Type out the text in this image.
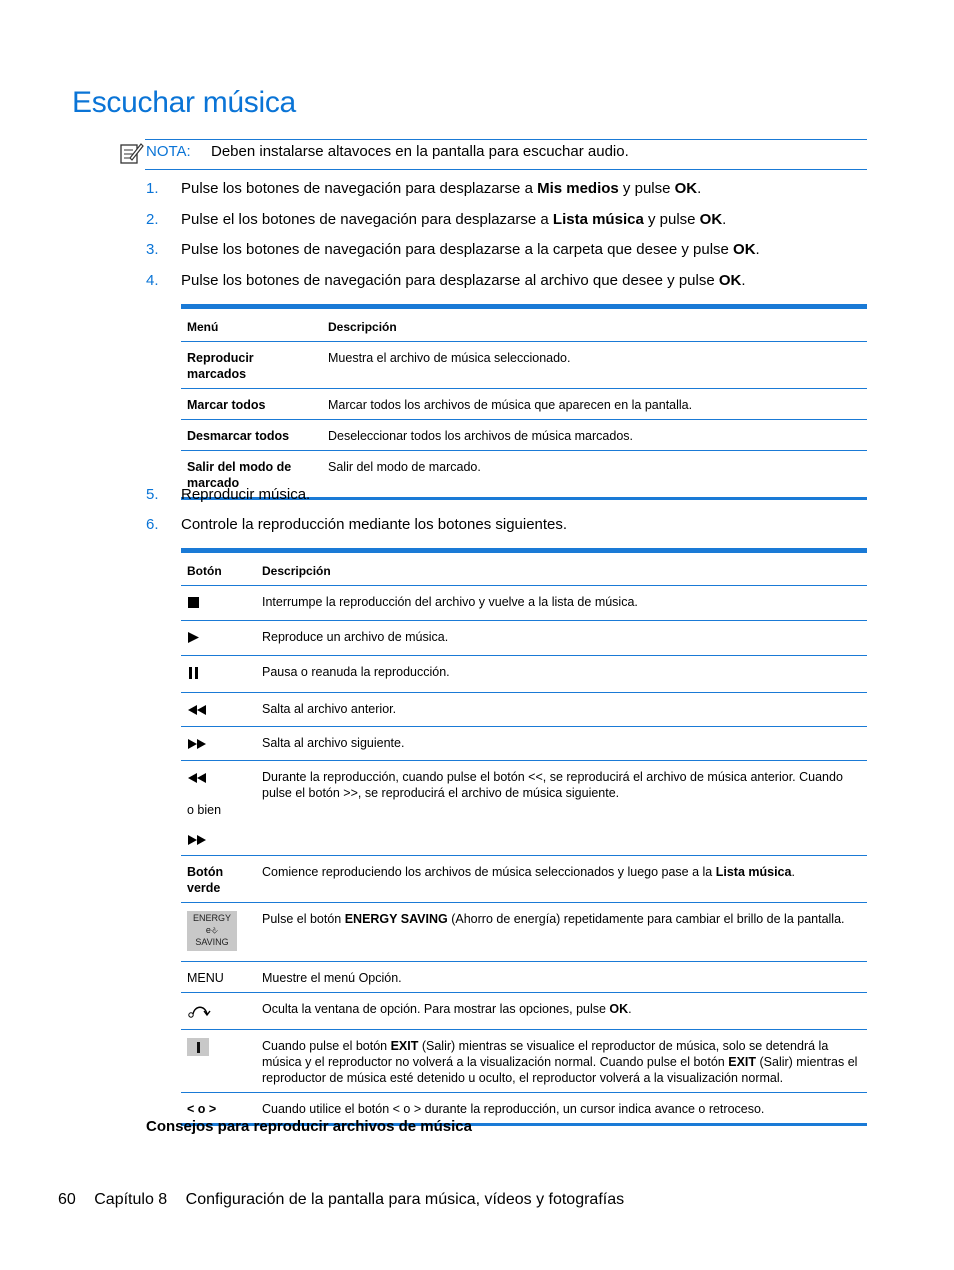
Escuchar música
NOTA: Deben instalarse altavoces en la pantalla para escuchar audio.
1. Pulse los botones de navegación para desplazarse a Mis medios y pulse OK.
2. Pulse el los botones de navegación para desplazarse a Lista música y pulse OK.
3. Pulse los botones de navegación para desplazarse a la carpeta que desee y pulse OK.
4. Pulse los botones de navegación para desplazarse al archivo que desee y pulse OK.
Menú	Descripción
Reproducir marcados	Muestra el archivo de música seleccionado.
Marcar todos	Marcar todos los archivos de música que aparecen en la pantalla.
Desmarcar todos	Deseleccionar todos los archivos de música marcados.
Salir del modo de marcado	Salir del modo de marcado.
5. Reproducir música.
6. Controle la reproducción mediante los botones siguientes.
Botón	Descripción
	Interrumpe la reproducción del archivo y vuelve a la lista de música.
	Reproduce un archivo de música.
	Pausa o reanuda la reproducción.
	Salta al archivo anterior.
	Salta al archivo siguiente.

o bien	Durante la reproducción, cuando pulse el botón <<, se reproducirá el archivo de música anterior. Cuando pulse el botón >>, se reproducirá el archivo de música siguiente.
Botón verde	Comience reproduciendo los archivos de música seleccionados y luego pase a la Lista música.

ENERGY
e⎀
SAVING	Pulse el botón ENERGY SAVING (Ahorro de energía) repetidamente para cambiar el brillo de la pantalla.
MENU	Muestre el menú Opción.
	Oculta la ventana de opción. Para mostrar las opciones, pulse OK.
	Cuando pulse el botón EXIT (Salir) mientras se visualice el reproductor de música, solo se detendrá la música y el reproductor no volverá a la visualización normal. Cuando pulse el botón EXIT (Salir) mientras el reproductor de música esté detenido u oculto, el reproductor volverá a la visualización normal.
< o >	Cuando utilice el botón < o > durante la reproducción, un cursor indica avance o retroceso.
Consejos para reproducir archivos de música
60 Capítulo 8 Configuración de la pantalla para música, vídeos y fotografías
